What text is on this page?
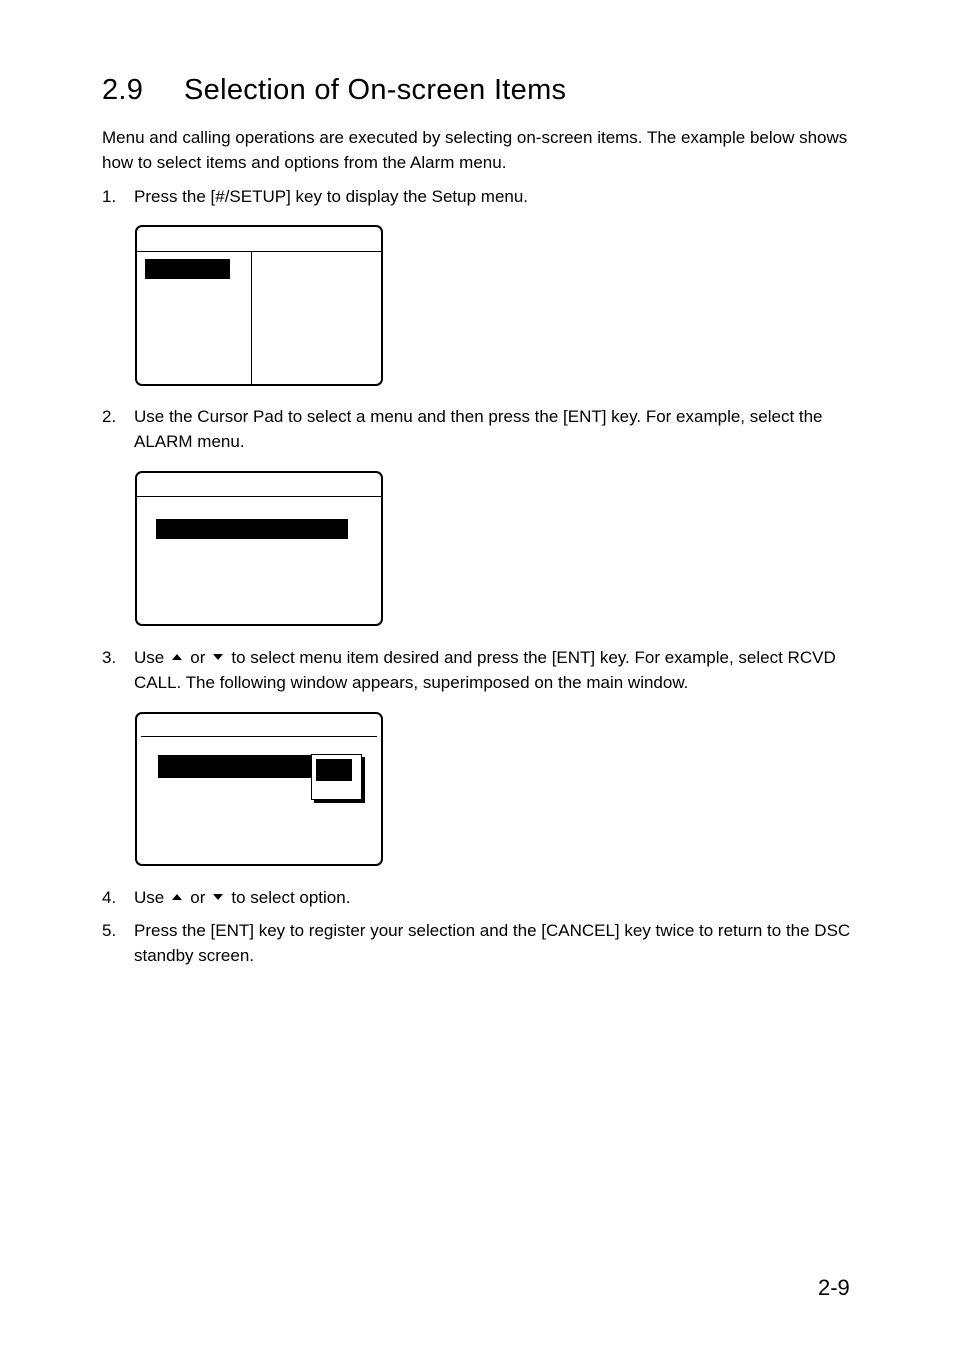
2.9 Selection of On-screen Items
Menu and calling operations are executed by selecting on-screen items. The example below shows how to select items and options from the Alarm menu.
1. Press the [#/SETUP] key to display the Setup menu.
2. Use the Cursor Pad to select a menu and then press the [ENT] key. For example, select the ALARM menu.
3. Use or to select menu item desired and press the [ENT] key. For example, select RCVD CALL. The following window appears, superimposed on the main window.
4. Use or to select option.
5. Press the [ENT] key to register your selection and the [CANCEL] key twice to return to the DSC standby screen.
2-9
